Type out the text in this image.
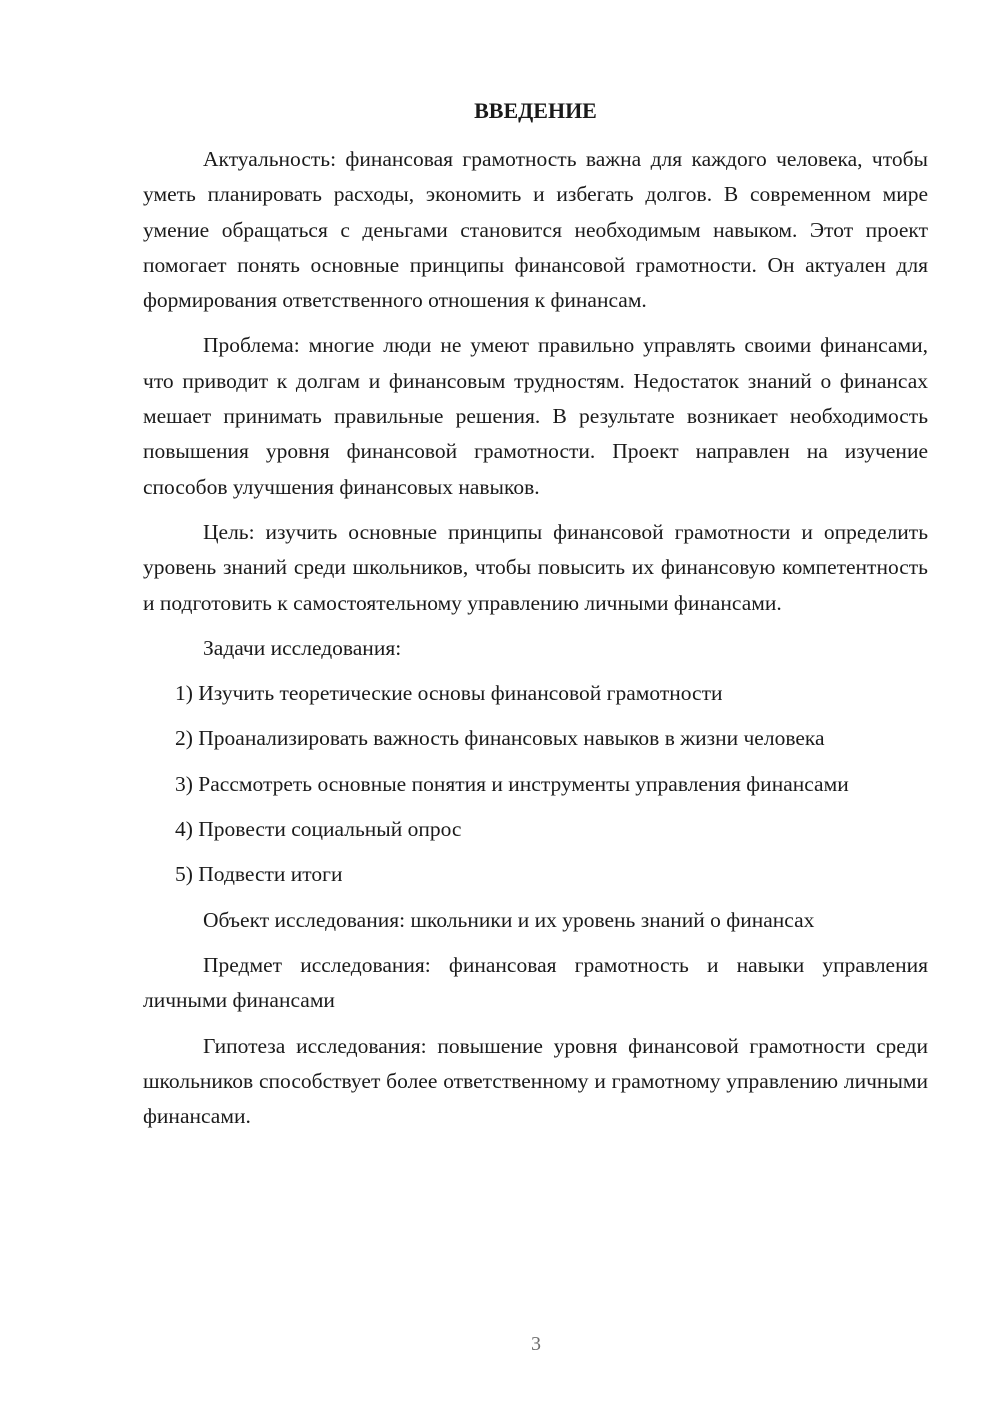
ВВЕДЕНИЕ

Актуальность: финансовая грамотность важна для каждого человека, чтобы уметь планировать расходы, экономить и избегать долгов. В современном мире умение обращаться с деньгами становится необходимым навыком. Этот проект помогает понять основные принципы финансовой грамотности. Он актуален для формирования ответственного отношения к финансам.

Проблема: многие люди не умеют правильно управлять своими финансами, что приводит к долгам и финансовым трудностям. Недостаток знаний о финансах мешает принимать правильные решения. В результате возникает необходимость повышения уровня финансовой грамотности. Проект направлен на изучение способов улучшения финансовых навыков.

Цель: изучить основные принципы финансовой грамотности и определить уровень знаний среди школьников, чтобы повысить их финансовую компетентность и подготовить к самостоятельному управлению личными финансами.

Задачи исследования:

1) Изучить теоретические основы финансовой грамотности

2) Проанализировать важность финансовых навыков в жизни человека

3) Рассмотреть основные понятия и инструменты управления финансами

4) Провести социальный опрос

5) Подвести итоги

Объект исследования: школьники и их уровень знаний о финансах

Предмет исследования: финансовая грамотность и навыки управления личными финансами

Гипотеза исследования: повышение уровня финансовой грамотности среди школьников способствует более ответственному и грамотному управлению личными финансами.

3
